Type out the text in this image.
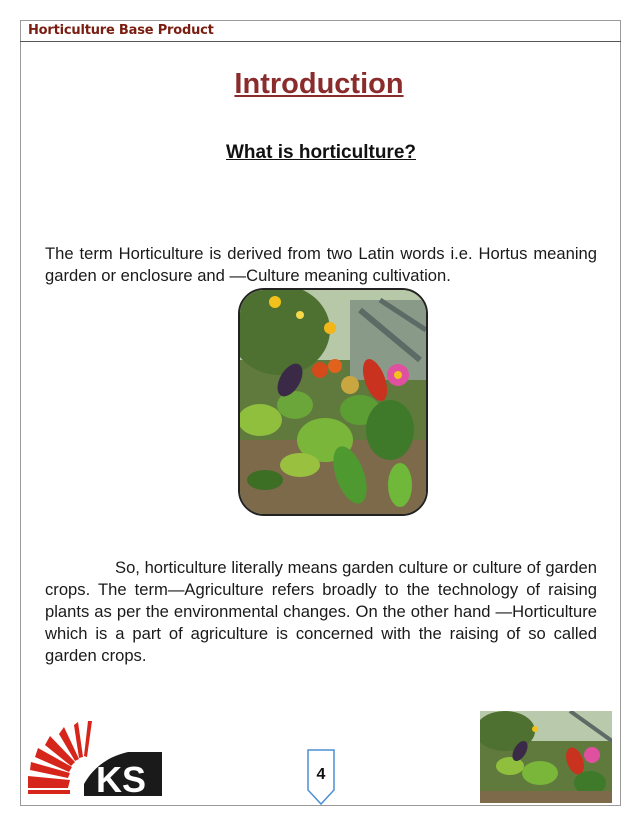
Horticulture Base Product
Introduction
What is horticulture?

The term Horticulture is derived from two Latin words i.e. Hortus meaning garden or enclosure and ―Culture meaning cultivation.

So, horticulture literally means garden culture or culture of garden crops. The term―Agriculture refers broadly to the technology of raising plants as per the environmental changes. On the other hand ―Horticulture which is a part of agriculture is concerned with the raising of so called garden crops.

KS	4
